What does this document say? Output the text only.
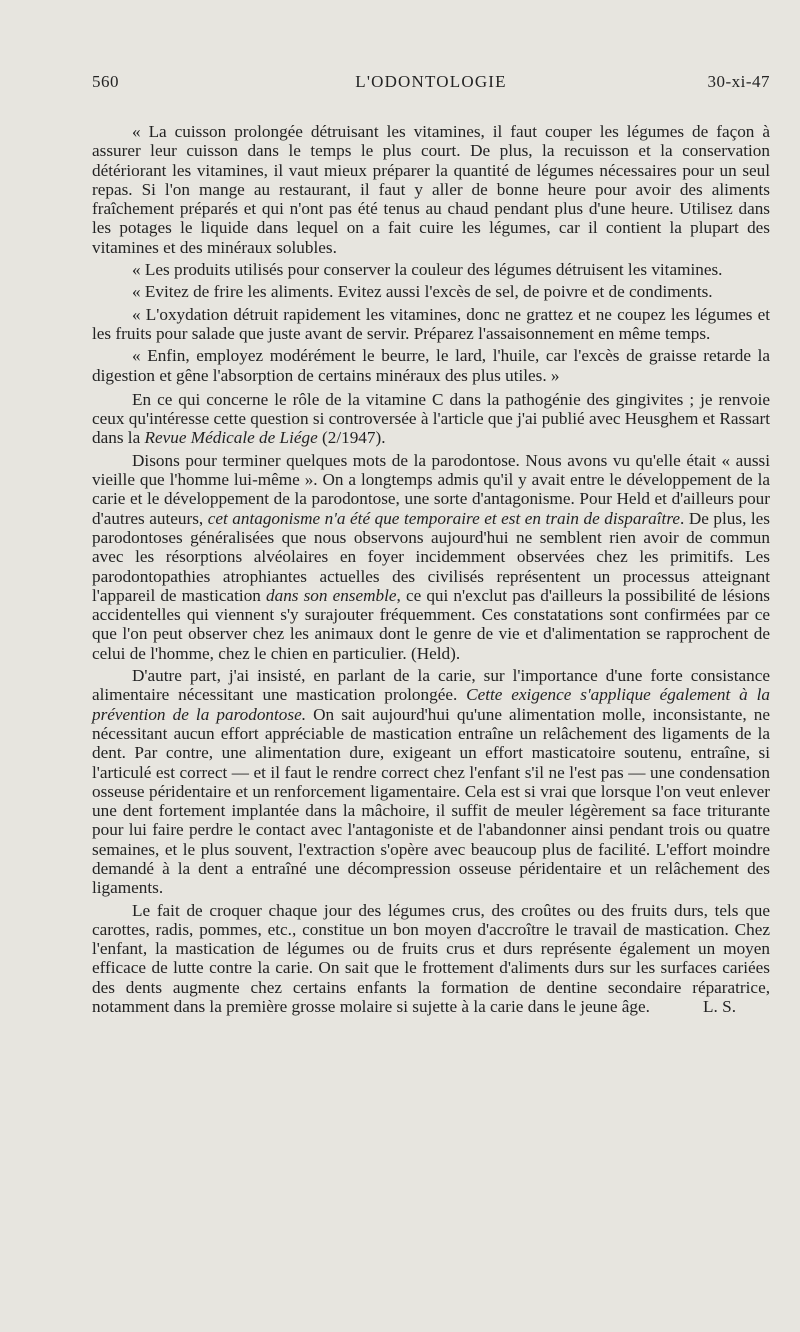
560	L'ODONTOLOGIE	30-xi-47

« La cuisson prolongée détruisant les vitamines, il faut couper les légumes de façon à assurer leur cuisson dans le temps le plus court. De plus, la recuisson et la conservation détériorant les vitamines, il vaut mieux préparer la quantité de légumes nécessaires pour un seul repas. Si l'on mange au restaurant, il faut y aller de bonne heure pour avoir des aliments fraîchement préparés et qui n'ont pas été tenus au chaud pendant plus d'une heure. Utilisez dans les potages le liquide dans lequel on a fait cuire les légumes, car il contient la plupart des vitamines et des minéraux solubles.

« Les produits utilisés pour conserver la couleur des légumes détruisent les vitamines.

« Evitez de frire les aliments. Evitez aussi l'excès de sel, de poivre et de condiments.

« L'oxydation détruit rapidement les vitamines, donc ne grattez et ne coupez les légumes et les fruits pour salade que juste avant de servir. Préparez l'assaisonnement en même temps.

« Enfin, employez modérément le beurre, le lard, l'huile, car l'excès de graisse retarde la digestion et gêne l'absorption de certains minéraux des plus utiles. »

En ce qui concerne le rôle de la vitamine C dans la pathogénie des gingivites ; je renvoie ceux qu'intéresse cette question si controversée à l'article que j'ai publié avec Heusghem et Rassart dans la Revue Médicale de Liége (2/1947).

Disons pour terminer quelques mots de la parodontose. Nous avons vu qu'elle était « aussi vieille que l'homme lui-même ». On a longtemps admis qu'il y avait entre le développement de la carie et le développement de la parodontose, une sorte d'antagonisme. Pour Held et d'ailleurs pour d'autres auteurs, cet antagonisme n'a été que temporaire et est en train de disparaître. De plus, les parodontoses généralisées que nous observons aujourd'hui ne semblent rien avoir de commun avec les résorptions alvéolaires en foyer incidemment observées chez les primitifs. Les parodontopathies atrophiantes actuelles des civilisés représentent un processus atteignant l'appareil de mastication dans son ensemble, ce qui n'exclut pas d'ailleurs la possibilité de lésions accidentelles qui viennent s'y surajouter fréquemment. Ces constatations sont confirmées par ce que l'on peut observer chez les animaux dont le genre de vie et d'alimentation se rapprochent de celui de l'homme, chez le chien en particulier. (Held).

D'autre part, j'ai insisté, en parlant de la carie, sur l'importance d'une forte consistance alimentaire nécessitant une mastication prolongée. Cette exigence s'applique également à la prévention de la parodontose. On sait aujourd'hui qu'une alimentation molle, inconsistante, ne nécessitant aucun effort appréciable de mastication entraîne un relâchement des ligaments de la dent. Par contre, une alimentation dure, exigeant un effort masticatoire soutenu, entraîne, si l'articulé est correct — et il faut le rendre correct chez l'enfant s'il ne l'est pas — une condensation osseuse péridentaire et un renforcement ligamentaire. Cela est si vrai que lorsque l'on veut enlever une dent fortement implantée dans la mâchoire, il suffit de meuler légèrement sa face triturante pour lui faire perdre le contact avec l'antagoniste et de l'abandonner ainsi pendant trois ou quatre semaines, et le plus souvent, l'extraction s'opère avec beaucoup plus de facilité. L'effort moindre demandé à la dent a entraîné une décompression osseuse péridentaire et un relâchement des ligaments.

Le fait de croquer chaque jour des légumes crus, des croûtes ou des fruits durs, tels que carottes, radis, pommes, etc., constitue un bon moyen d'accroître le travail de mastication. Chez l'enfant, la mastication de légumes ou de fruits crus et durs représente également un moyen efficace de lutte contre la carie. On sait que le frottement d'aliments durs sur les surfaces cariées des dents augmente chez certains enfants la formation de dentine secondaire réparatrice, notamment dans la première grosse molaire si sujette à la carie dans le jeune âge.	L. S.
